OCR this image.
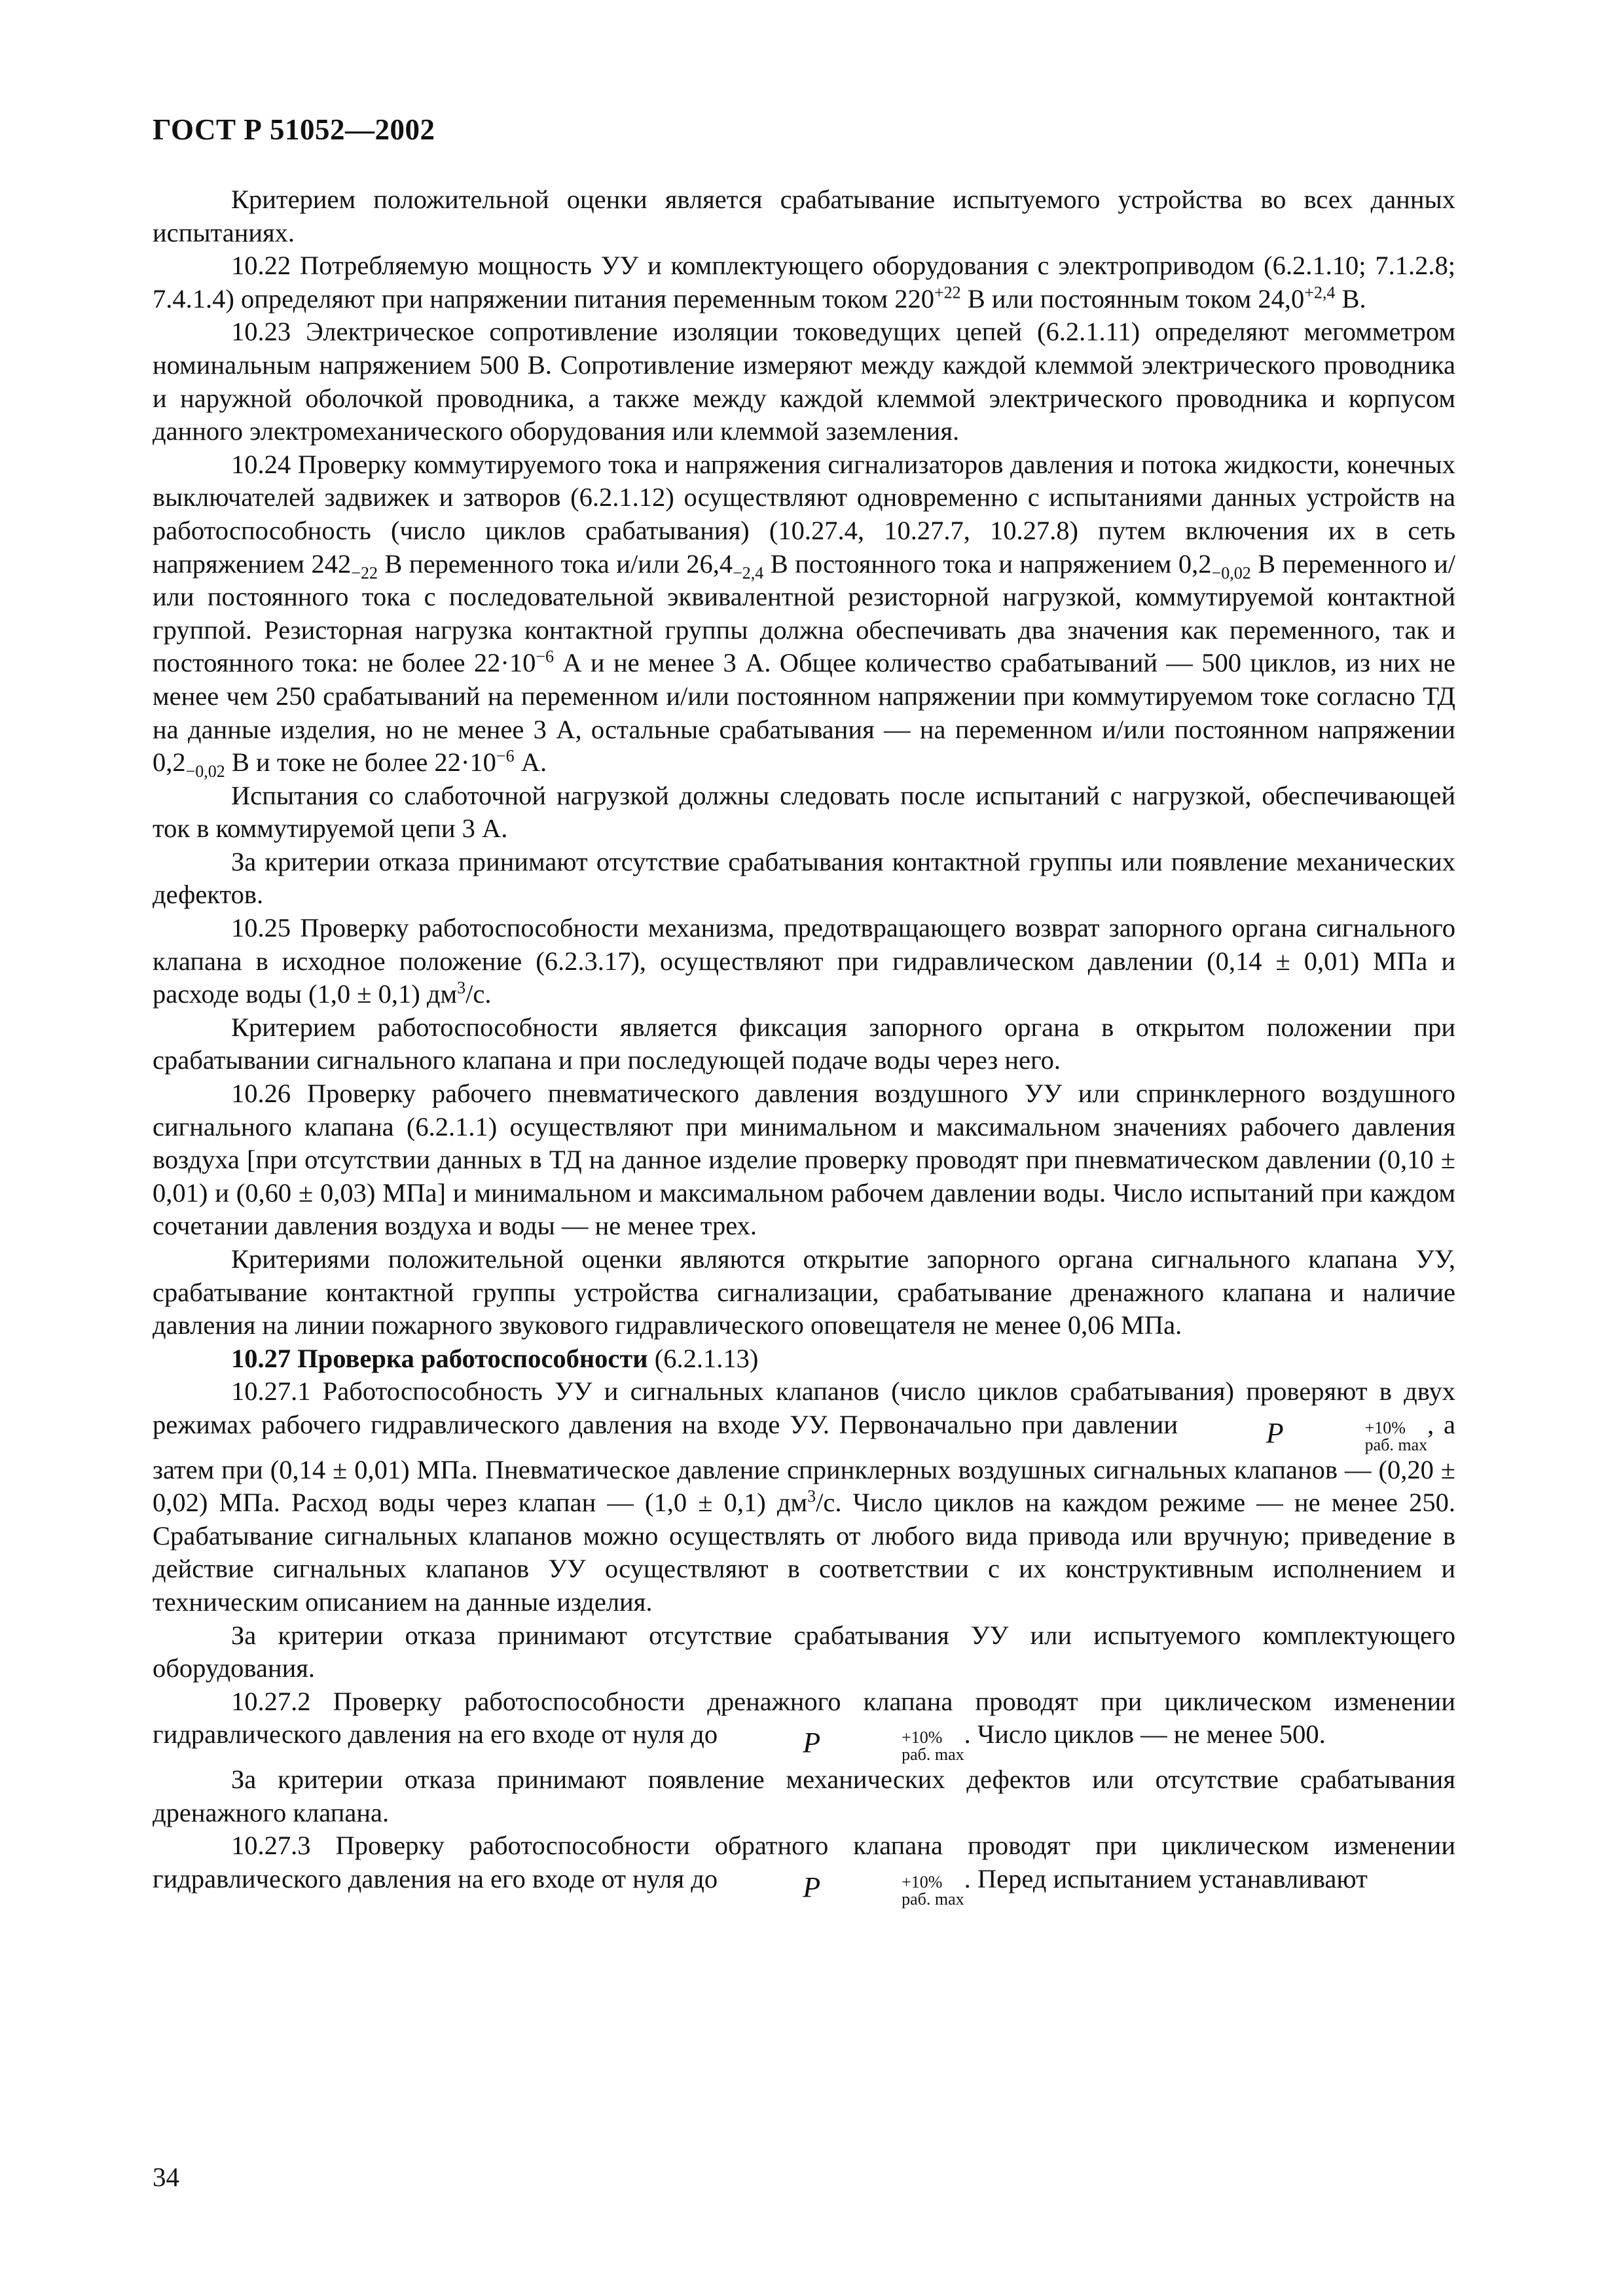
ГОСТ Р 51052—2002

Критерием положительной оценки является срабатывание испытуемого устройства во всех данных испытаниях.

10.22 Потребляемую мощность УУ и комплектующего оборудования с электроприводом (6.2.1.10; 7.1.2.8; 7.4.1.4) определяют при напряжении питания переменным током $220^{+22}$ В или постоянным током $24,0^{+2,4}$ В.

10.23 Электрическое сопротивление изоляции токоведущих цепей (6.2.1.11) определяют мегомметром номинальным напряжением 500 В. Сопротивление измеряют между каждой клеммой электрического проводника и наружной оболочкой проводника, а также между каждой клеммой электрического проводника и корпусом данного электромеханического оборудования или клеммой заземления.

10.24 Проверку коммутируемого тока и напряжения сигнализаторов давления и потока жидкости, конечных выключателей задвижек и затворов (6.2.1.12) осуществляют одновременно с испытаниями данных устройств на работоспособность (число циклов срабатывания) (10.27.4, 10.27.7, 10.27.8) путем включения их в сеть напряжением $242_{-22}$ В переменного тока и/или $26,4_{-2,4}$ В постоянного тока и напряжением $0,2_{-0,02}$ В переменного и/или постоянного тока с последовательной эквивалентной резисторной нагрузкой, коммутируемой контактной группой. Резисторная нагрузка контактной группы должна обеспечивать два значения как переменного, так и постоянного тока: не более $22\cdot 10^{-6}$ А и не менее 3 А. Общее количество срабатываний — 500 циклов, из них не менее чем 250 срабатываний на переменном и/или постоянном напряжении при коммутируемом токе согласно ТД на данные изделия, но не менее 3 А, остальные срабатывания — на переменном и/или постоянном напряжении $0,2_{-0,02}$ В и токе не более $22\cdot 10^{-6}$ А.

Испытания со слаботочной нагрузкой должны следовать после испытаний с нагрузкой, обеспечивающей ток в коммутируемой цепи 3 А.

За критерии отказа принимают отсутствие срабатывания контактной группы или появление механических дефектов.

10.25 Проверку работоспособности механизма, предотвращающего возврат запорного органа сигнального клапана в исходное положение (6.2.3.17), осуществляют при гидравлическом давлении (0,14 ± 0,01) МПа и расходе воды (1,0 ± 0,1) $дм^3/с$.

Критерием работоспособности является фиксация запорного органа в открытом положении при срабатывании сигнального клапана и при последующей подаче воды через него.

10.26 Проверку рабочего пневматического давления воздушного УУ или спринклерного воздушного сигнального клапана (6.2.1.1) осуществляют при минимальном и максимальном значениях рабочего давления воздуха [при отсутствии данных в ТД на данное изделие проверку проводят при пневматическом давлении (0,10 ± 0,01) и (0,60 ± 0,03) МПа] и минимальном и максимальном рабочем давлении воды. Число испытаний при каждом сочетании давления воздуха и воды — не менее трех.

Критериями положительной оценки являются открытие запорного органа сигнального клапана УУ, срабатывание контактной группы устройства сигнализации, срабатывание дренажного клапана и наличие давления на линии пожарного звукового гидравлического оповещателя не менее 0,06 МПа.

10.27 Проверка работоспособности (6.2.1.13)

10.27.1 Работоспособность УУ и сигнальных клапанов (число циклов срабатывания) проверяют в двух режимах рабочего гидравлического давления на входе УУ. Первоначально при давлении	P	+10%
раб. max
, а затем при (0,14 ± 0,01) МПа. Пневматическое давление спринклерных воздушных сигнальных клапанов — (0,20 ± 0,02) МПа. Расход воды через клапан — (1,0 ± 0,1) $дм^3/с$. Число циклов на каждом режиме — не менее 250. Срабатывание сигнальных клапанов можно осуществлять от любого вида привода или вручную; приведение в действие сигнальных клапанов УУ осуществляют в соответствии с их конструктивным исполнением и техническим описанием на данные изделия.

За критерии отказа принимают отсутствие срабатывания УУ или испытуемого комплектующего оборудования.

10.27.2 Проверку работоспособности дренажного клапана проводят при циклическом изменении гидравлического давления на его входе от нуля до	P	+10%
раб. max
. Число циклов — не менее 500.

За критерии отказа принимают появление механических дефектов или отсутствие срабатывания дренажного клапана.

10.27.3 Проверку работоспособности обратного клапана проводят при циклическом изменении гидравлического давления на его входе от нуля до	P	+10%
раб. max
. Перед испытанием устанавливают

34
